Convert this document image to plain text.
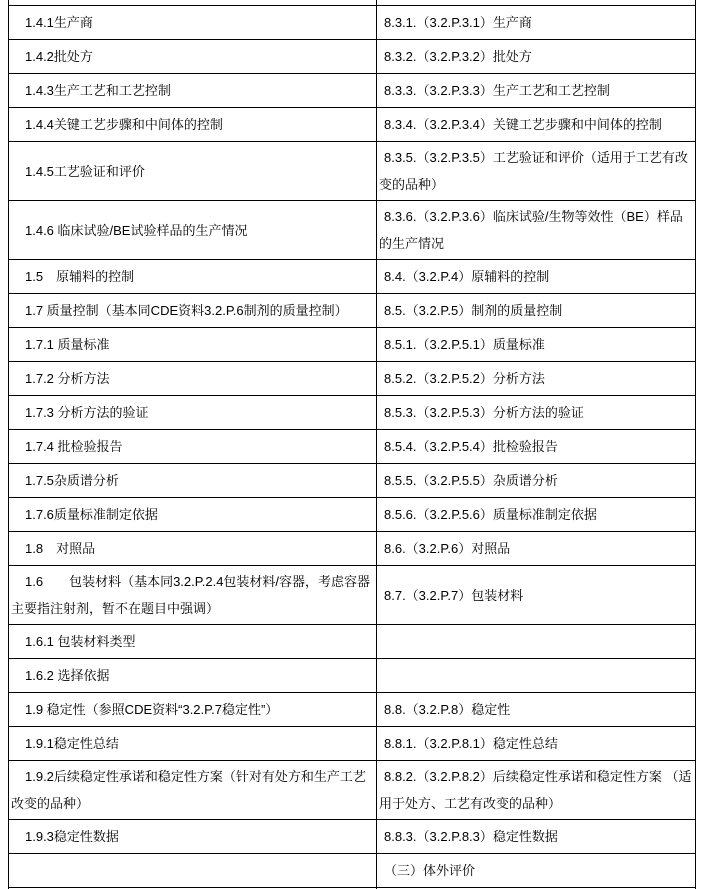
1.4.1生产商	8.3.1.（3.2.P.3.1）生产商
1.4.2批处方	8.3.2.（3.2.P.3.2）批处方
1.4.3生产工艺和工艺控制	8.3.3.（3.2.P.3.3）生产工艺和工艺控制
1.4.4关键工艺步骤和中间体的控制	8.3.4.（3.2.P.3.4）关键工艺步骤和中间体的控制
1.4.5工艺验证和评价	8.3.5.（3.2.P.3.5）工艺验证和评价（适用于工艺有改变的品种）
1.4.6 临床试验/BE试验样品的生产情况	8.3.6.（3.2.P.3.6）临床试验/生物等效性（BE）样品的生产情况
1.5　原辅料的控制	8.4.（3.2.P.4）原辅料的控制
1.7 质量控制（基本同CDE资料3.2.P.6制剂的质量控制）	8.5.（3.2.P.5）制剂的质量控制
1.7.1 质量标准	8.5.1.（3.2.P.5.1）质量标准
1.7.2 分析方法	8.5.2.（3.2.P.5.2）分析方法
1.7.3 分析方法的验证	8.5.3.（3.2.P.5.3）分析方法的验证
1.7.4 批检验报告	8.5.4.（3.2.P.5.4）批检验报告
1.7.5杂质谱分析	8.5.5.（3.2.P.5.5）杂质谱分析
1.7.6质量标准制定依据	8.5.6.（3.2.P.5.6）质量标准制定依据
1.8　对照品	8.6.（3.2.P.6）对照品
1.6　　包装材料（基本同3.2.P.2.4包装材料/容器，考虑容器主要指注射剂，暂不在题目中强调）	8.7.（3.2.P.7）包装材料
1.6.1 包装材料类型	
1.6.2 选择依据	
1.9 稳定性（参照CDE资料“3.2.P.7稳定性”）	8.8.（3.2.P.8）稳定性
1.9.1稳定性总结	8.8.1.（3.2.P.8.1）稳定性总结
1.9.2后续稳定性承诺和稳定性方案（针对有处方和生产工艺改变的品种）	8.8.2.（3.2.P.8.2）后续稳定性承诺和稳定性方案 （适用于处方、工艺有改变的品种）
1.9.3稳定性数据	8.8.3.（3.2.P.8.3）稳定性数据
	（三）体外评价
